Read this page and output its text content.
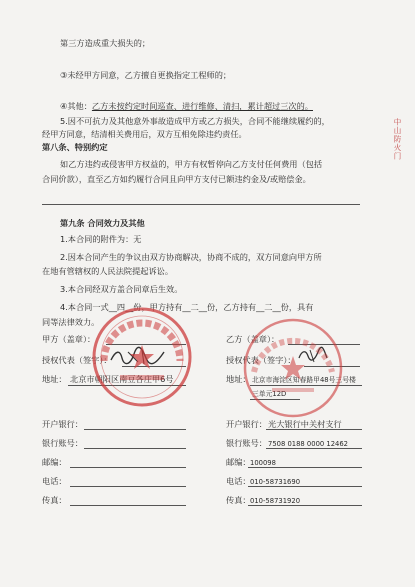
第三方造成重大损失的；
③未经甲方同意，乙方擅自更换指定工程师的；
④其他：乙方未按约定时间巡查、进行维修、清扫，累计超过三次的。
5.因不可抗力及其他意外事故造成甲方或乙方损失，合同不能继续履约的，
经甲方同意，结清相关费用后，双方互相免除违约责任。
第八条、特别约定
如乙方违约或侵害甲方权益的，甲方有权暂停向乙方支付任何费用（包括
合同价款），直至乙方如约履行合同且向甲方支付已额违约金及/或赔偿金。
第九条 合同效力及其他
1.本合同的附件为：无
2.因本合同产生的争议由双方协商解决，协商不成的，双方同意向甲方所
在地有管辖权的人民法院提起诉讼。
3.本合同经双方盖合同章后生效。
4.本合同一式__四__份，甲方持有__二__份，乙方持有__二__份，具有
同等法律效力。
甲方（盖章）：
授权代表（签字）：
地址： 北京市朝阳区南豆各庄甲6号
乙方（盖章）：
授权代表（签字）：
地址： 北京市海淀区知春路甲48号三号楼
三单元12D
开户银行：
银行账号：
邮编：
电话：
传真：
开户银行： 光大银行中关村支行
银行账号： 7508 0188 0000 12462
邮编： 100098
电话： 010-58731690
传真： 010-58731920
中山防火门
